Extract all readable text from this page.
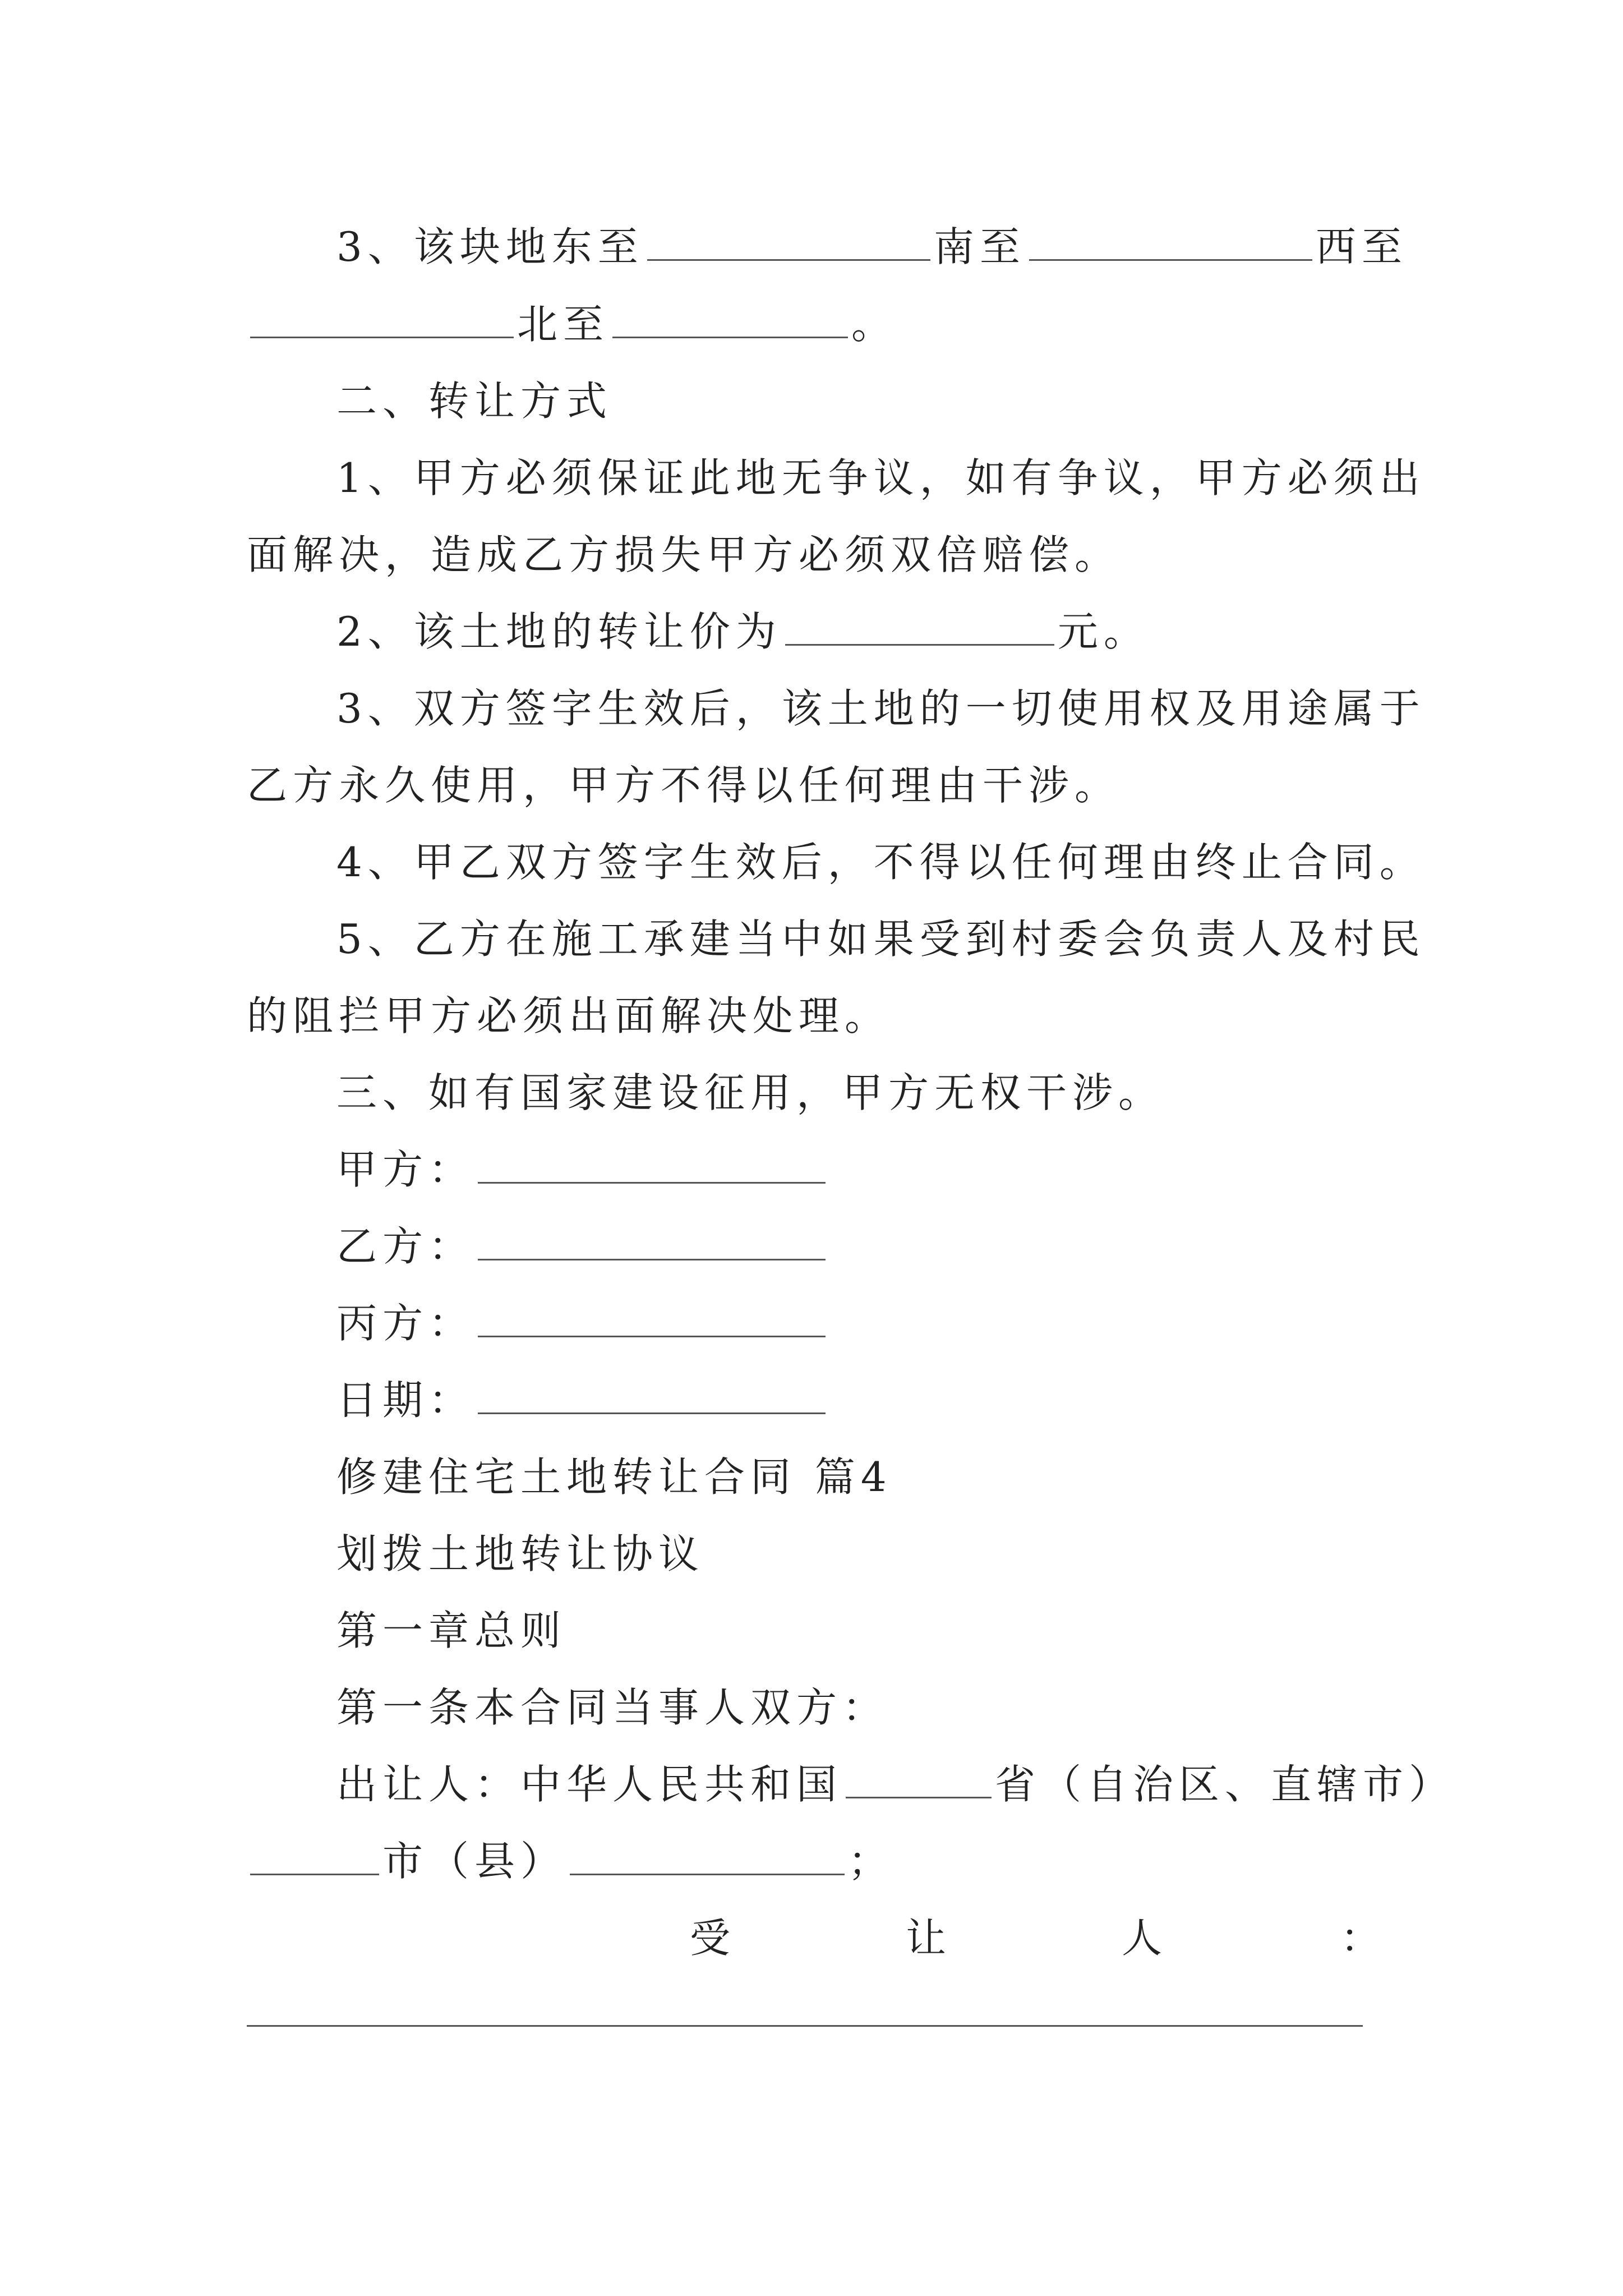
3、该块地东至	南至	西至
北至	。
二、转让方式
1、甲方必须保证此地无争议，如有争议，甲方必须出
面解决，造成乙方损失甲方必须双倍赔偿。
2、该土地的转让价为	元。
3、双方签字生效后，该土地的一切使用权及用途属于
乙方永久使用，甲方不得以任何理由干涉。
4、甲乙双方签字生效后，不得以任何理由终止合同。
5、乙方在施工承建当中如果受到村委会负责人及村民
的阻拦甲方必须出面解决处理。
三、如有国家建设征用，甲方无权干涉。
甲方：
乙方：
丙方：
日期：
修建住宅土地转让合同 篇4
划拨土地转让协议
第一章总则
第一条本合同当事人双方：
出让人：中华人民共和国	省（自治区、直辖市）
市（县）	；
受	让	人	：
